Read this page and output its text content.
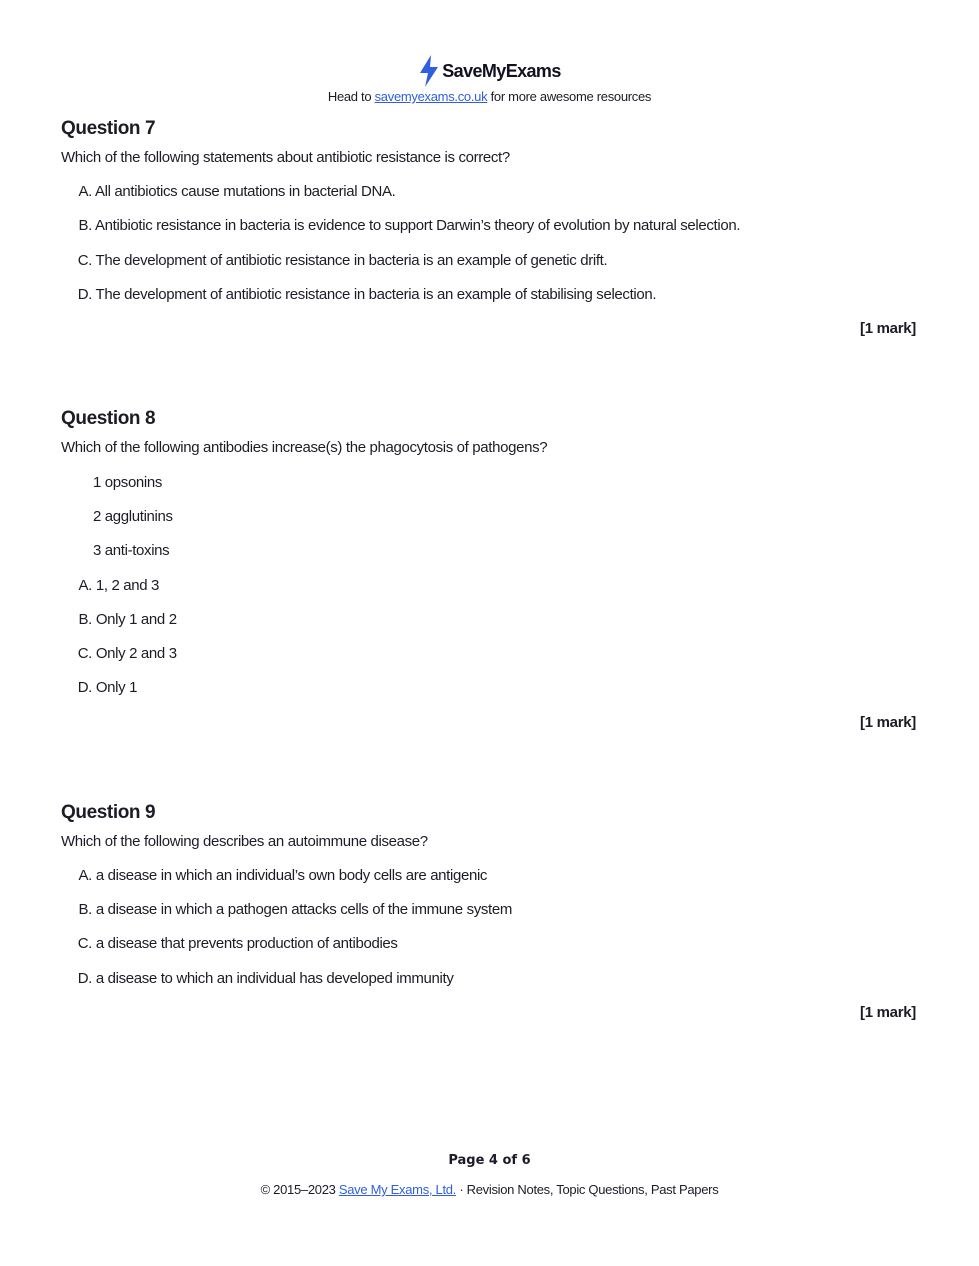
SaveMyExams
Head to savemyexams.co.uk for more awesome resources
Question 7

Which of the following statements about antibiotic resistance is correct?

A. All antibiotics cause mutations in bacterial DNA.
B. Antibiotic resistance in bacteria is evidence to support Darwin’s theory of evolution by natural selection.
C. The development of antibiotic resistance in bacteria is an example of genetic drift.
D. The development of antibiotic resistance in bacteria is an example of stabilising selection.
[1 mark]
Question 8

Which of the following antibodies increase(s) the phagocytosis of pathogens?

1 opsonins
2 agglutinins
3 anti-toxins
A. 1, 2 and 3
B. Only 1 and 2
C. Only 2 and 3
D. Only 1
[1 mark]
Question 9

Which of the following describes an autoimmune disease?

A. a disease in which an individual’s own body cells are antigenic
B. a disease in which a pathogen attacks cells of the immune system
C. a disease that prevents production of antibodies
D. a disease to which an individual has developed immunity
[1 mark]
Page 4 of 6
© 2015–2023 Save My Exams, Ltd. · Revision Notes, Topic Questions, Past Papers
